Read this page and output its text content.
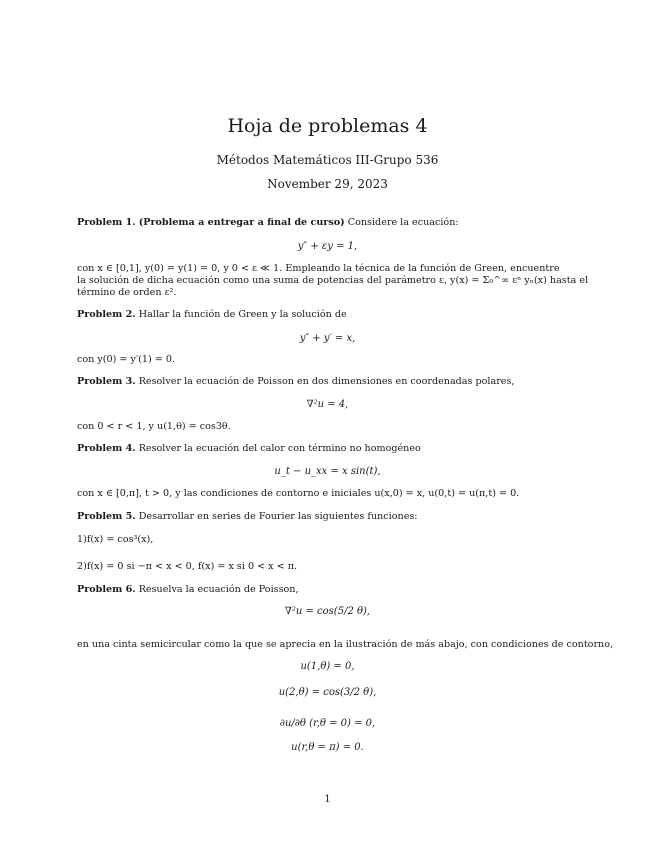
Hoja de problemas 4
Métodos Matemáticos III-Grupo 536
November 29, 2023
Problem 1. (Problema a entregar a final de curso) Considere la ecuación:
y″ + εy = 1,
con x ∈ [0,1], y(0) = y(1) = 0, y 0 < ε ≪ 1. Empleando la técnica de la función de Green, encuentre
la solución de dicha ecuación como una suma de potencias del parámetro ε, y(x) = Σ₀^∞ εⁿ yₙ(x) hasta el
término de orden ε².
Problem 2. Hallar la función de Green y la solución de
y″ + y′ = x,
con y(0) = y′(1) = 0.
Problem 3. Resolver la ecuación de Poisson en dos dimensiones en coordenadas polares,
∇²u = 4,
con 0 < r < 1, y u(1,θ) = cos3θ.
Problem 4. Resolver la ecuación del calor con término no homogéneo
u_t − u_xx = x sin(t),
con x ∈ [0,π], t > 0, y las condiciones de contorno e iniciales u(x,0) = x, u(0,t) = u(π,t) = 0.
Problem 5. Desarrollar en series de Fourier las siguientes funciones:
1)f(x) = cos³(x),
2)f(x) = 0 si −π < x < 0, f(x) = x si 0 < x < π.
Problem 6. Resuelva la ecuación de Poisson,
∇²u = cos(5/2 θ),
en una cinta semicircular como la que se aprecia en la ilustración de más abajo, con condiciones de contorno,
u(1,θ) = 0,
u(2,θ) = cos(3/2 θ),
∂u/∂θ (r,θ = 0) = 0,
u(r,θ = π) = 0.
1
